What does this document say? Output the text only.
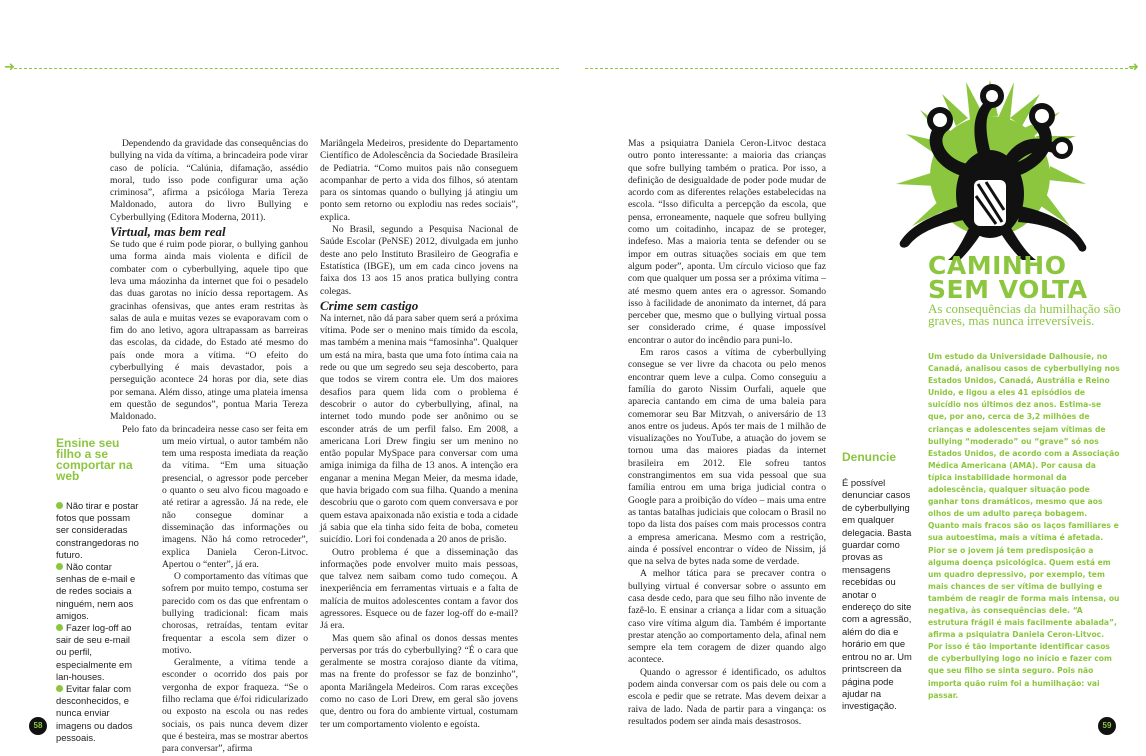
➜	➜

Dependendo da gravidade das consequências do bullying na vida da vítima, a brincadeira pode virar caso de polícia. “Calúnia, difamação, assédio moral, tudo isso pode configurar uma ação criminosa”, afirma a psicóloga Maria Tereza Maldonado, autora do livro Bullying e Cyberbullying (Editora Moderna, 2011).

Virtual, mas bem real

Se tudo que é ruim pode piorar, o bullying ganhou uma forma ainda mais violenta e difícil de combater com o cyberbullying, aquele tipo que leva uma máozinha da internet que foi o pesadelo das duas garotas no início dessa reportagem. As gracinhas ofensivas, que antes eram restritas às salas de aula e muitas vezes se evaporavam com o fim do ano letivo, agora ultrapassam as barreiras das escolas, da cidade, do Estado até mesmo do país onde mora a vítima. “O efeito do cyberbullying é mais devastador, pois a perseguição acontece 24 horas por dia, sete dias por semana. Além disso, atinge uma plateia imensa em questão de segundos”, pontua Maria Tereza Maldonado.

Pelo fato da brincadeira nesse caso ser feita em um meio virtual, o autor também não tem uma resposta imediata da reação da vítima. “Em uma situação presencial, o agressor pode perceber o quanto o seu alvo ficou magoado e até retirar a agressão. Já na rede, ele não consegue dominar a disseminação das informações ou imagens. Não há como retroceder”, explica Daniela Ceron-Litvoc. Apertou o “enter”, já era.

O comportamento das vítimas que sofrem por muito tempo, costuma ser parecido com os das que enfrentam o bullying tradicional: ficam mais chorosas, retraídas, tentam evitar frequentar a escola sem dizer o motivo.

Geralmente, a vítima tende a esconder o ocorrido dos pais por vergonha de expor fraqueza. “Se o filho reclama que é/foi ridicularizado ou exposto na escola ou nas redes sociais, os pais nunca devem dizer que é besteira, mas se mostrar abertos para conversar”, afirma

Ensine seu filho a se comportar na web
Não tirar e postar fotos que possam ser consideradas constrangedoras no futuro.
Não contar senhas de e-mail e de redes sociais a ninguém, nem aos amigos.
Fazer log-off ao sair de seu e-mail ou perfil, especialmente em lan-houses.
Evitar falar com desconhecidos, e nunca enviar imagens ou dados pessoais.

Mariângela Medeiros, presidente do Departamento Científico de Adolescência da Sociedade Brasileira de Pediatria. “Como muitos pais não conseguem acompanhar de perto a vida dos filhos, só atentam para os sintomas quando o bullying já atingiu um ponto sem retorno ou explodiu nas redes sociais”, explica.

No Brasil, segundo a Pesquisa Nacional de Saúde Escolar (PeNSE) 2012, divulgada em junho deste ano pelo Instituto Brasileiro de Geografia e Estatística (IBGE), um em cada cinco jovens na faixa dos 13 aos 15 anos pratica bullying contra colegas.

Crime sem castigo

Na internet, não dá para saber quem será a próxima vítima. Pode ser o menino mais tímido da escola, mas também a menina mais “famosinha”. Qualquer um está na mira, basta que uma foto íntima caia na rede ou que um segredo seu seja descoberto, para que todos se virem contra ele. Um dos maiores desafios para quem lida com o problema é descobrir o autor do cyberbullying, afinal, na internet todo mundo pode ser anônimo ou se esconder atrás de um perfil falso. Em 2008, a americana Lori Drew fingiu ser um menino no então popular MySpace para conversar com uma amiga inimiga da filha de 13 anos. A intenção era enganar a menina Megan Meier, da mesma idade, que havia brigado com sua filha. Quando a menina descobriu que o garoto com quem conversava e por quem estava apaixonada não existia e toda a cidade já sabia que ela tinha sido feita de boba, cometeu suicídio. Lori foi condenada a 20 anos de prisão.

Outro problema é que a disseminação das informações pode envolver muito mais pessoas, que talvez nem saibam como tudo começou. A inexperiência em ferramentas virtuais e a falta de malícia de muitos adolescentes contam a favor dos agressores. Esquece ou de fazer log-off do e-mail? Já era.

Mas quem são afinal os donos dessas mentes perversas por trás do cyberbullying? “É o cara que geralmente se mostra corajoso diante da vítima, mas na frente do professor se faz de bonzinho”, aponta Mariângela Medeiros. Com raras exceções como no caso de Lori Drew, em geral são jovens que, dentro ou fora do ambiente virtual, costumam ter um comportamento violento e egoísta.

58

Mas a psiquiatra Daniela Ceron-Litvoc destaca outro ponto interessante: a maioria das crianças que sofre bullying também o pratica. Por isso, a definição de desigualdade de poder pode mudar de acordo com as diferentes relações estabelecidas na escola. “Isso dificulta a percepção da escola, que pensa, erroneamente, naquele que sofreu bullying como um coitadinho, incapaz de se proteger, indefeso. Mas a maioria tenta se defender ou se impor em outras situações sociais em que tem algum poder”, aponta. Um círculo vicioso que faz com que qualquer um possa ser a próxima vítima – até mesmo quem antes era o agressor. Somando isso à facilidade de anonimato da internet, dá para perceber que, mesmo que o bullying virtual possa ser considerado crime, é quase impossível encontrar o autor do incêndio para puni-lo.

Em raros casos a vítima de cyberbullying consegue se ver livre da chacota ou pelo menos encontrar quem leve a culpa. Como conseguiu a família do garoto Nissim Ourfali, aquele que aparecia cantando em cima de uma baleia para comemorar seu Bar Mitzvah, o aniversário de 13 anos entre os judeus. Após ter mais de 1 milhão de visualizações no YouTube, a atuação do jovem se tornou uma das maiores piadas da internet brasileira em 2012. Ele sofreu tantos constrangimentos em sua vida pessoal que sua família entrou em uma briga judicial contra o Google para a proibição do vídeo – mais uma entre as tantas batalhas judiciais que colocam o Brasil no topo da lista dos países com mais processos contra a empresa americana. Mesmo com a restrição, ainda é possível encontrar o vídeo de Nissim, já que na selva de bytes nada some de verdade.

A melhor tática para se precaver contra o bullying virtual é conversar sobre o assunto em casa desde cedo, para que seu filho não invente de fazê-lo. E ensinar a criança a lidar com a situação caso vire vítima algum dia. Também é importante prestar atenção ao comportamento dela, afinal nem sempre ela tem coragem de dizer quando algo acontece.

Quando o agressor é identificado, os adultos podem ainda conversar com os pais dele ou com a escola e pedir que se retrate. Mas devem deixar a raiva de lado. Nada de partir para a vingança: os resultados podem ser ainda mais desastrosos.

Denuncie
É possível denunciar casos de cyberbullying em qualquer delegacia. Basta guardar como provas as mensagens recebidas ou anotar o endereço do site com a agressão, além do dia e horário em que entrou no ar. Um printscreen da página pode ajudar na investigação.
CAMINHO
SEM VOLTA
As consequências da humilhação são graves, mas nunca irreversíveis.
Um estudo da Universidade Dalhousie, no Canadá, analisou casos de cyberbullying nos Estados Unidos, Canadá, Austrália e Reino Unido, e ligou a eles 41 episódios de suicídio nos últimos dez anos. Estima-se que, por ano, cerca de 3,2 milhões de crianças e adolescentes sejam vítimas de bullying “moderado” ou “grave” só nos Estados Unidos, de acordo com a Associação Médica Americana (AMA). Por causa da típica instabilidade hormonal da adolescência, qualquer situação pode ganhar tons dramáticos, mesmo que aos olhos de um adulto pareça bobagem. Quanto mais fracos são os laços familiares e sua autoestima, mais a vítima é afetada. Pior se o jovem já tem predisposição a alguma doença psicológica. Quem está em um quadro depressivo, por exemplo, tem mais chances de ser vítima de bullying e também de reagir de forma mais intensa, ou negativa, às consequências dele. “A estrutura frágil é mais facilmente abalada”, afirma a psiquiatra Daniela Ceron-Litvoc. Por isso é tão importante identificar casos de cyberbullying logo no início e fazer com que seu filho se sinta seguro. Pois não importa quão ruim foi a humilhação: vai passar.
59
